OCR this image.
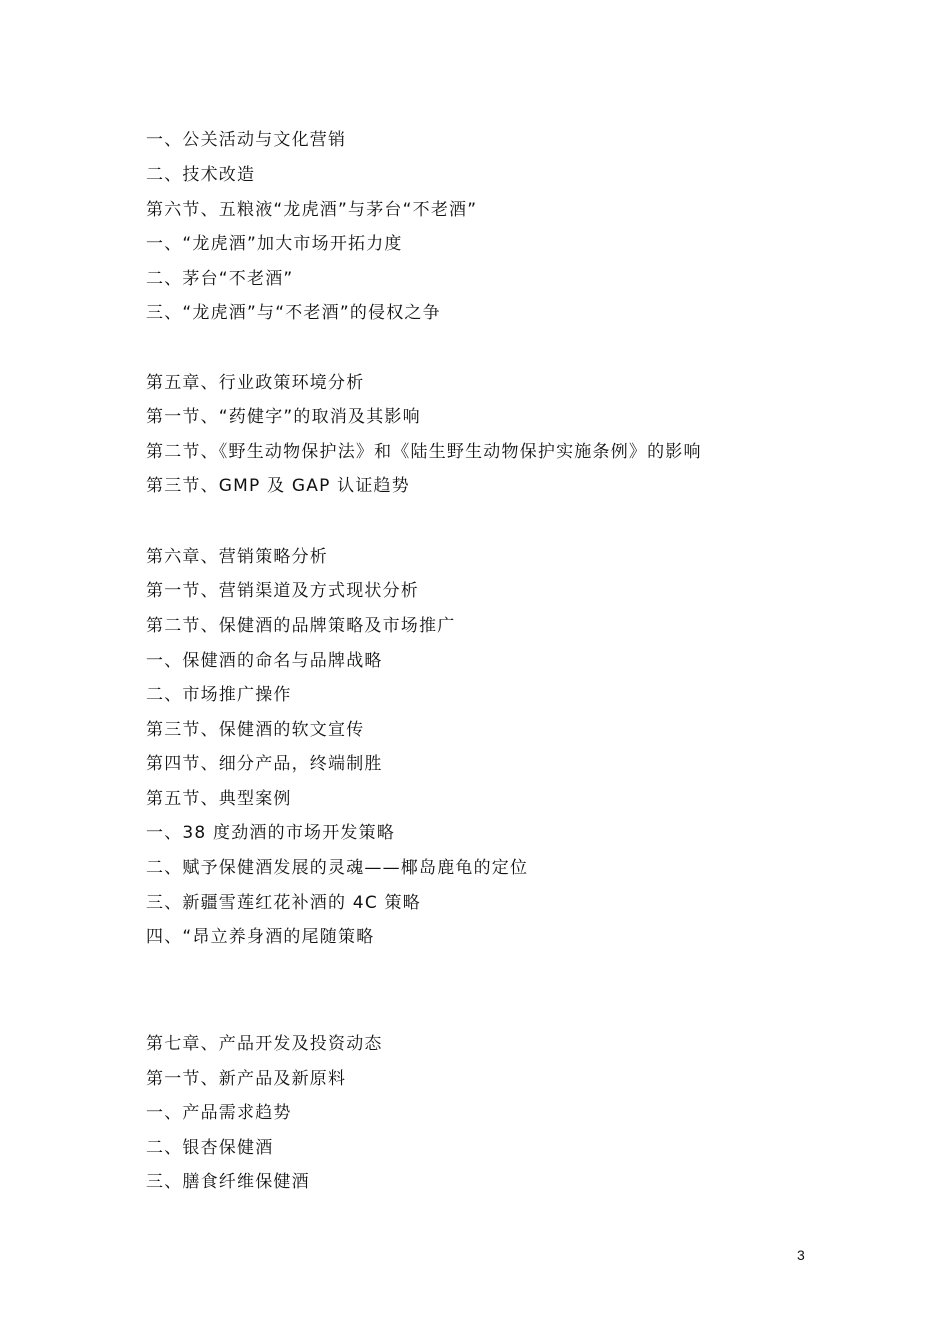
一、公关活动与文化营销
二、技术改造
第六节、五粮液“龙虎酒”与茅台“不老酒”
一、“龙虎酒”加大市场开拓力度
二、茅台“不老酒”
三、“龙虎酒”与“不老酒”的侵权之争
第五章、行业政策环境分析
第一节、“药健字”的取消及其影响
第二节、《野生动物保护法》和《陆生野生动物保护实施条例》的影响
第三节、GMP 及 GAP 认证趋势
第六章、营销策略分析
第一节、营销渠道及方式现状分析
第二节、保健酒的品牌策略及市场推广
一、保健酒的命名与品牌战略
二、市场推广操作
第三节、保健酒的软文宣传
第四节、细分产品，终端制胜
第五节、典型案例
一、38 度劲酒的市场开发策略
二、赋予保健酒发展的灵魂——椰岛鹿龟的定位
三、新疆雪莲红花补酒的 4C 策略
四、“昂立养身酒的尾随策略
第七章、产品开发及投资动态
第一节、新产品及新原料
一、产品需求趋势
二、银杏保健酒
三、膳食纤维保健酒
3
